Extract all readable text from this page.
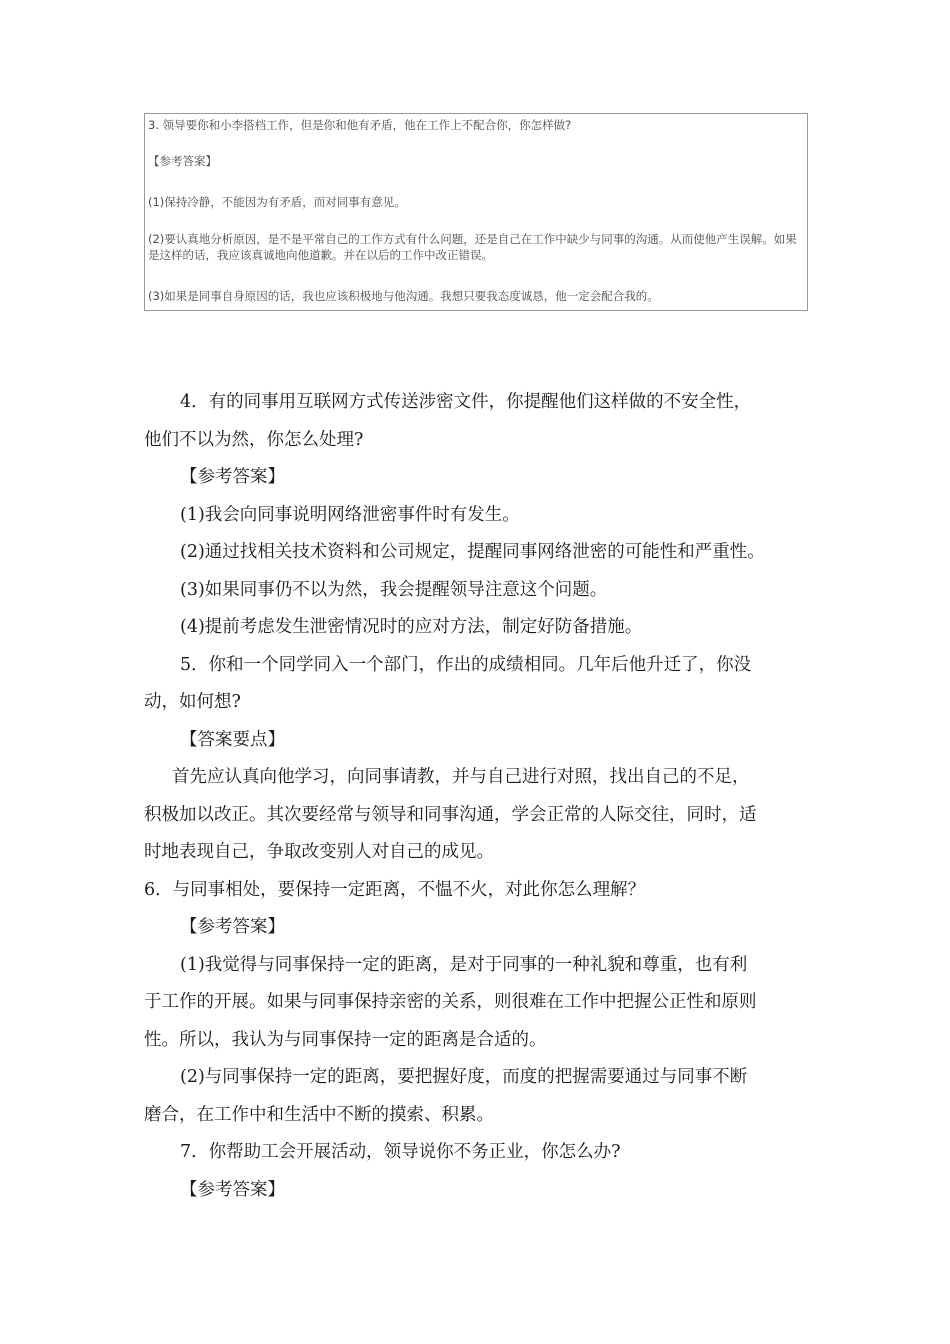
3. 领导要你和小李搭档工作，但是你和他有矛盾，他在工作上不配合你，你怎样做?

【参考答案】

(1)保持冷静，不能因为有矛盾，而对同事有意见。

(2)要认真地分析原因，是不是平常自己的工作方式有什么问题，还是自己在工作中缺少与同事的沟通。从而使他产生误解。如果是这样的话，我应该真诚地向他道歉。并在以后的工作中改正错误。

(3)如果是同事自身原因的话，我也应该积极地与他沟通。我想只要我态度诚恳，他一定会配合我的。

4．有的同事用互联网方式传送涉密文件，你提醒他们这样做的不安全性，

他们不以为然，你怎么处理?

【参考答案】

(1)我会向同事说明网络泄密事件时有发生。

(2)通过找相关技术资料和公司规定，提醒同事网络泄密的可能性和严重性。

(3)如果同事仍不以为然，我会提醒领导注意这个问题。

(4)提前考虑发生泄密情况时的应对方法，制定好防备措施。

5．你和一个同学同入一个部门，作出的成绩相同。几年后他升迁了，你没

动，如何想?

【答案要点】

首先应认真向他学习，向同事请教，并与自己进行对照，找出自己的不足，

积极加以改正。其次要经常与领导和同事沟通，学会正常的人际交往，同时，适

时地表现自己，争取改变别人对自己的成见。

6．与同事相处，要保持一定距离，不愠不火，对此你怎么理解？

【参考答案】

(1)我觉得与同事保持一定的距离，是对于同事的一种礼貌和尊重，也有利

于工作的开展。如果与同事保持亲密的关系，则很难在工作中把握公正性和原则

性。所以，我认为与同事保持一定的距离是合适的。

(2)与同事保持一定的距离，要把握好度，而度的把握需要通过与同事不断

磨合，在工作中和生活中不断的摸索、积累。

7．你帮助工会开展活动，领导说你不务正业，你怎么办?

【参考答案】
